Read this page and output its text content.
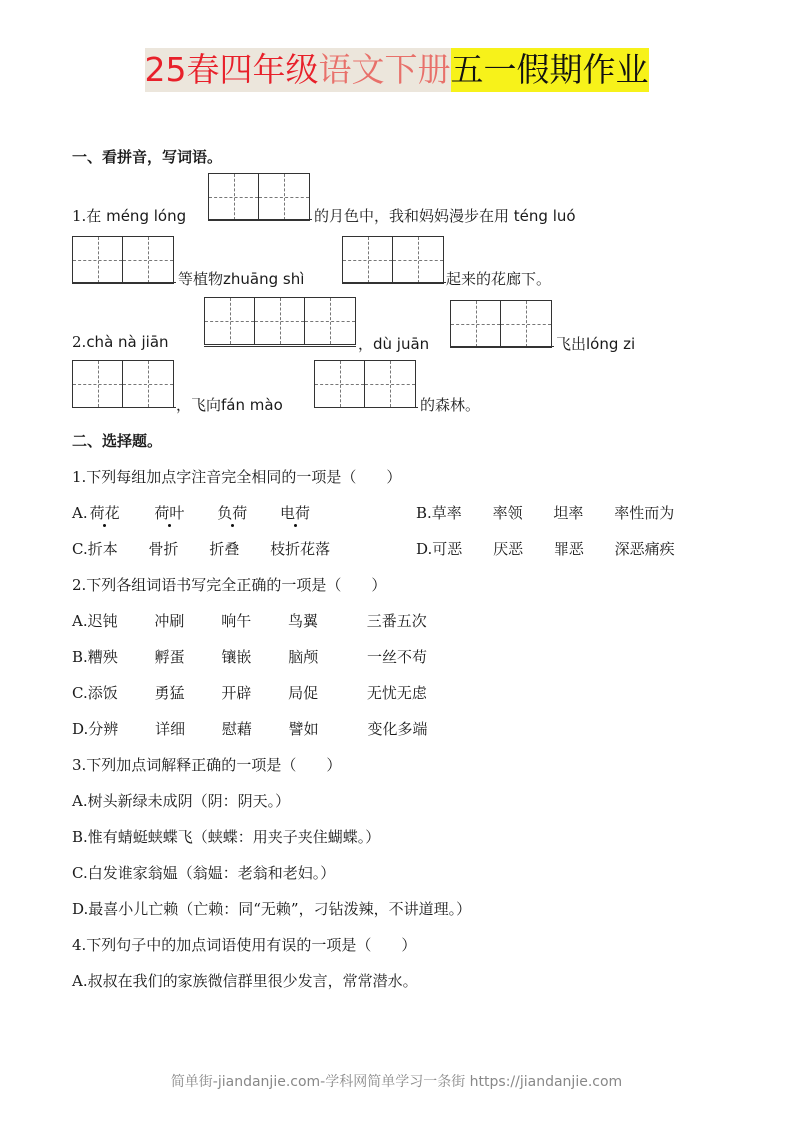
25春四年级语文下册五一假期作业
一、看拼音，写词语。
1.在 méng lóng	的月色中，我和妈妈漫步在用 téng luó
等植物zhuāng shì	起来的花廊下。
2.chà nà jiān	，dù juān	飞出lóng zi
，飞向fán mào	的森林。
二、选择题。
1.下列每组加点字注音完全相同的一项是（　　）
A. 荷花 荷叶 负荷 电荷	B.草率 率领 坦率 率性而为
C.折本 骨折 折叠 枝折花落	D.可恶 厌恶 罪恶 深恶痛疾
2.下列各组词语书写完全正确的一项是（　　）
A.迟钝 冲刷 响午 鸟翼	三番五次
B.糟殃 孵蛋 镶嵌 脑颅	一丝不苟
C.添饭 勇猛 开辟 局促	无忧无虑
D.分辨 详细 慰藉 譬如	变化多端
3.下列加点词解释正确的一项是（　　）
A.树头新绿未成阴（阴：阴天。）
B.惟有蜻蜓蛱蝶飞（蛱蝶：用夹子夹住蝴蝶。）
C.白发谁家翁媪（翁媪：老翁和老妇。）
D.最喜小儿亡赖（亡赖：同“无赖”，刁钻泼辣，不讲道理。）
4.下列句子中的加点词语使用有误的一项是（　　）
A.叔叔在我们的家族微信群里很少发言，常常潜水。
简单街-jiandanjie.com-学科网简单学习一条街 https://jiandanjie.com
